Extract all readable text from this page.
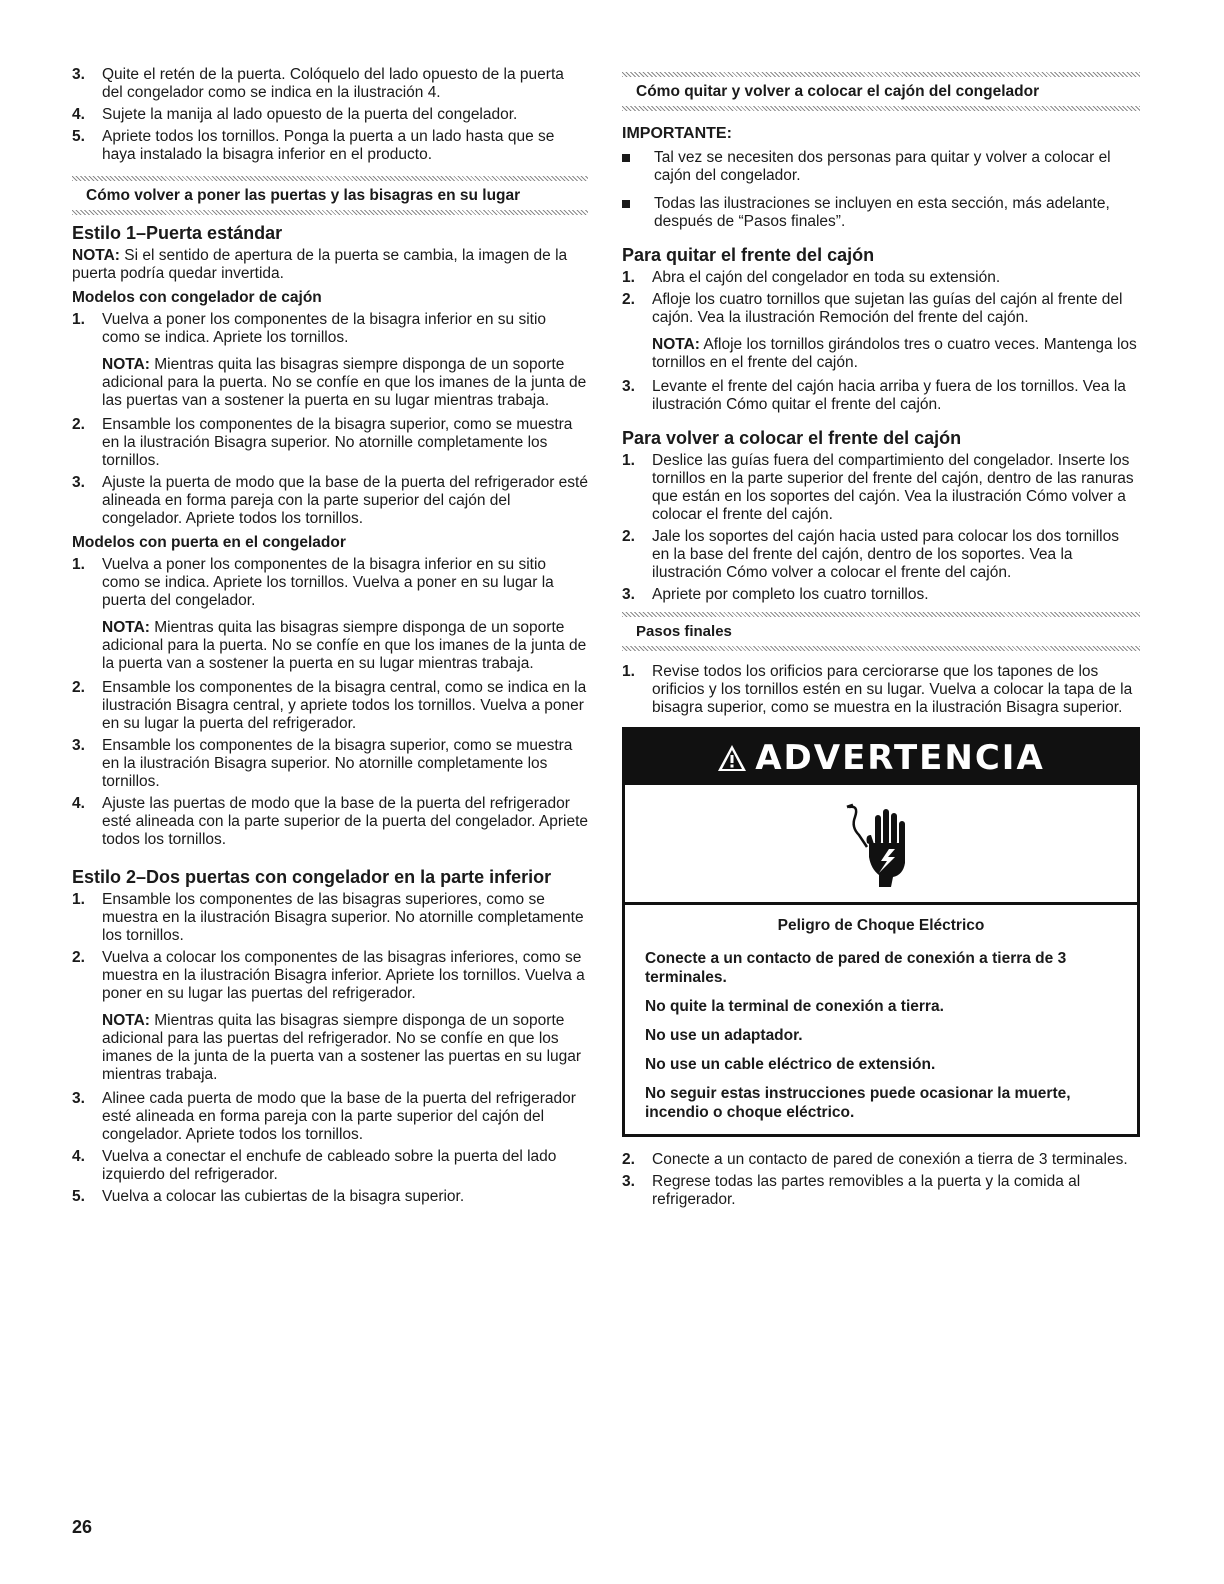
3. Quite el retén de la puerta. Colóquelo del lado opuesto de la puerta del congelador como se indica en la ilustración 4.
4. Sujete la manija al lado opuesto de la puerta del congelador.
5. Apriete todos los tornillos. Ponga la puerta a un lado hasta que se haya instalado la bisagra inferior en el producto.
Cómo volver a poner las puertas y las bisagras en su lugar
Estilo 1–Puerta estándar

NOTA: Si el sentido de apertura de la puerta se cambia, la imagen de la puerta podría quedar invertida.

Modelos con congelador de cajón
1. Vuelva a poner los componentes de la bisagra inferior en su sitio como se indica. Apriete los tornillos.
NOTA: Mientras quita las bisagras siempre disponga de un soporte adicional para la puerta. No se confíe en que los imanes de la junta de las puertas van a sostener la puerta en su lugar mientras trabaja.
2. Ensamble los componentes de la bisagra superior, como se muestra en la ilustración Bisagra superior. No atornille completamente los tornillos.
3. Ajuste la puerta de modo que la base de la puerta del refrigerador esté alineada en forma pareja con la parte superior del cajón del congelador. Apriete todos los tornillos.
Modelos con puerta en el congelador
1. Vuelva a poner los componentes de la bisagra inferior en su sitio como se indica. Apriete los tornillos. Vuelva a poner en su lugar la puerta del congelador.
NOTA: Mientras quita las bisagras siempre disponga de un soporte adicional para la puerta. No se confíe en que los imanes de la junta de la puerta van a sostener la puerta en su lugar mientras trabaja.
2. Ensamble los componentes de la bisagra central, como se indica en la ilustración Bisagra central, y apriete todos los tornillos. Vuelva a poner en su lugar la puerta del refrigerador.
3. Ensamble los componentes de la bisagra superior, como se muestra en la ilustración Bisagra superior. No atornille completamente los tornillos.
4. Ajuste las puertas de modo que la base de la puerta del refrigerador esté alineada con la parte superior de la puerta del congelador. Apriete todos los tornillos.
Estilo 2–Dos puertas con congelador en la parte inferior
1. Ensamble los componentes de las bisagras superiores, como se muestra en la ilustración Bisagra superior. No atornille completamente los tornillos.
2. Vuelva a colocar los componentes de las bisagras inferiores, como se muestra en la ilustración Bisagra inferior. Apriete los tornillos. Vuelva a poner en su lugar las puertas del refrigerador.
NOTA: Mientras quita las bisagras siempre disponga de un soporte adicional para las puertas del refrigerador. No se confíe en que los imanes de la junta de la puerta van a sostener las puertas en su lugar mientras trabaja.
3. Alinee cada puerta de modo que la base de la puerta del refrigerador esté alineada en forma pareja con la parte superior del cajón del congelador. Apriete todos los tornillos.
4. Vuelva a conectar el enchufe de cableado sobre la puerta del lado izquierdo del refrigerador.
5. Vuelva a colocar las cubiertas de la bisagra superior.
Cómo quitar y volver a colocar el cajón del congelador
IMPORTANTE:
Tal vez se necesiten dos personas para quitar y volver a colocar el cajón del congelador.
Todas las ilustraciones se incluyen en esta sección, más adelante, después de “Pasos finales”.
Para quitar el frente del cajón
1. Abra el cajón del congelador en toda su extensión.
2. Afloje los cuatro tornillos que sujetan las guías del cajón al frente del cajón. Vea la ilustración Remoción del frente del cajón.
NOTA: Afloje los tornillos girándolos tres o cuatro veces. Mantenga los tornillos en el frente del cajón.
3. Levante el frente del cajón hacia arriba y fuera de los tornillos. Vea la ilustración Cómo quitar el frente del cajón.
Para volver a colocar el frente del cajón
1. Deslice las guías fuera del compartimiento del congelador. Inserte los tornillos en la parte superior del frente del cajón, dentro de las ranuras que están en los soportes del cajón. Vea la ilustración Cómo volver a colocar el frente del cajón.
2. Jale los soportes del cajón hacia usted para colocar los dos tornillos en la base del frente del cajón, dentro de los soportes. Vea la ilustración Cómo volver a colocar el frente del cajón.
3. Apriete por completo los cuatro tornillos.
Pasos finales
1. Revise todos los orificios para cerciorarse que los tapones de los orificios y los tornillos estén en su lugar. Vuelva a colocar la tapa de la bisagra superior, como se muestra en la ilustración Bisagra superior.
ADVERTENCIA
Peligro de Choque Eléctrico

Conecte a un contacto de pared de conexión a tierra de 3 terminales.

No quite la terminal de conexión a tierra.

No use un adaptador.

No use un cable eléctrico de extensión.

No seguir estas instrucciones puede ocasionar la muerte, incendio o choque eléctrico.

2. Conecte a un contacto de pared de conexión a tierra de 3 terminales.
3. Regrese todas las partes removibles a la puerta y la comida al refrigerador.
26
